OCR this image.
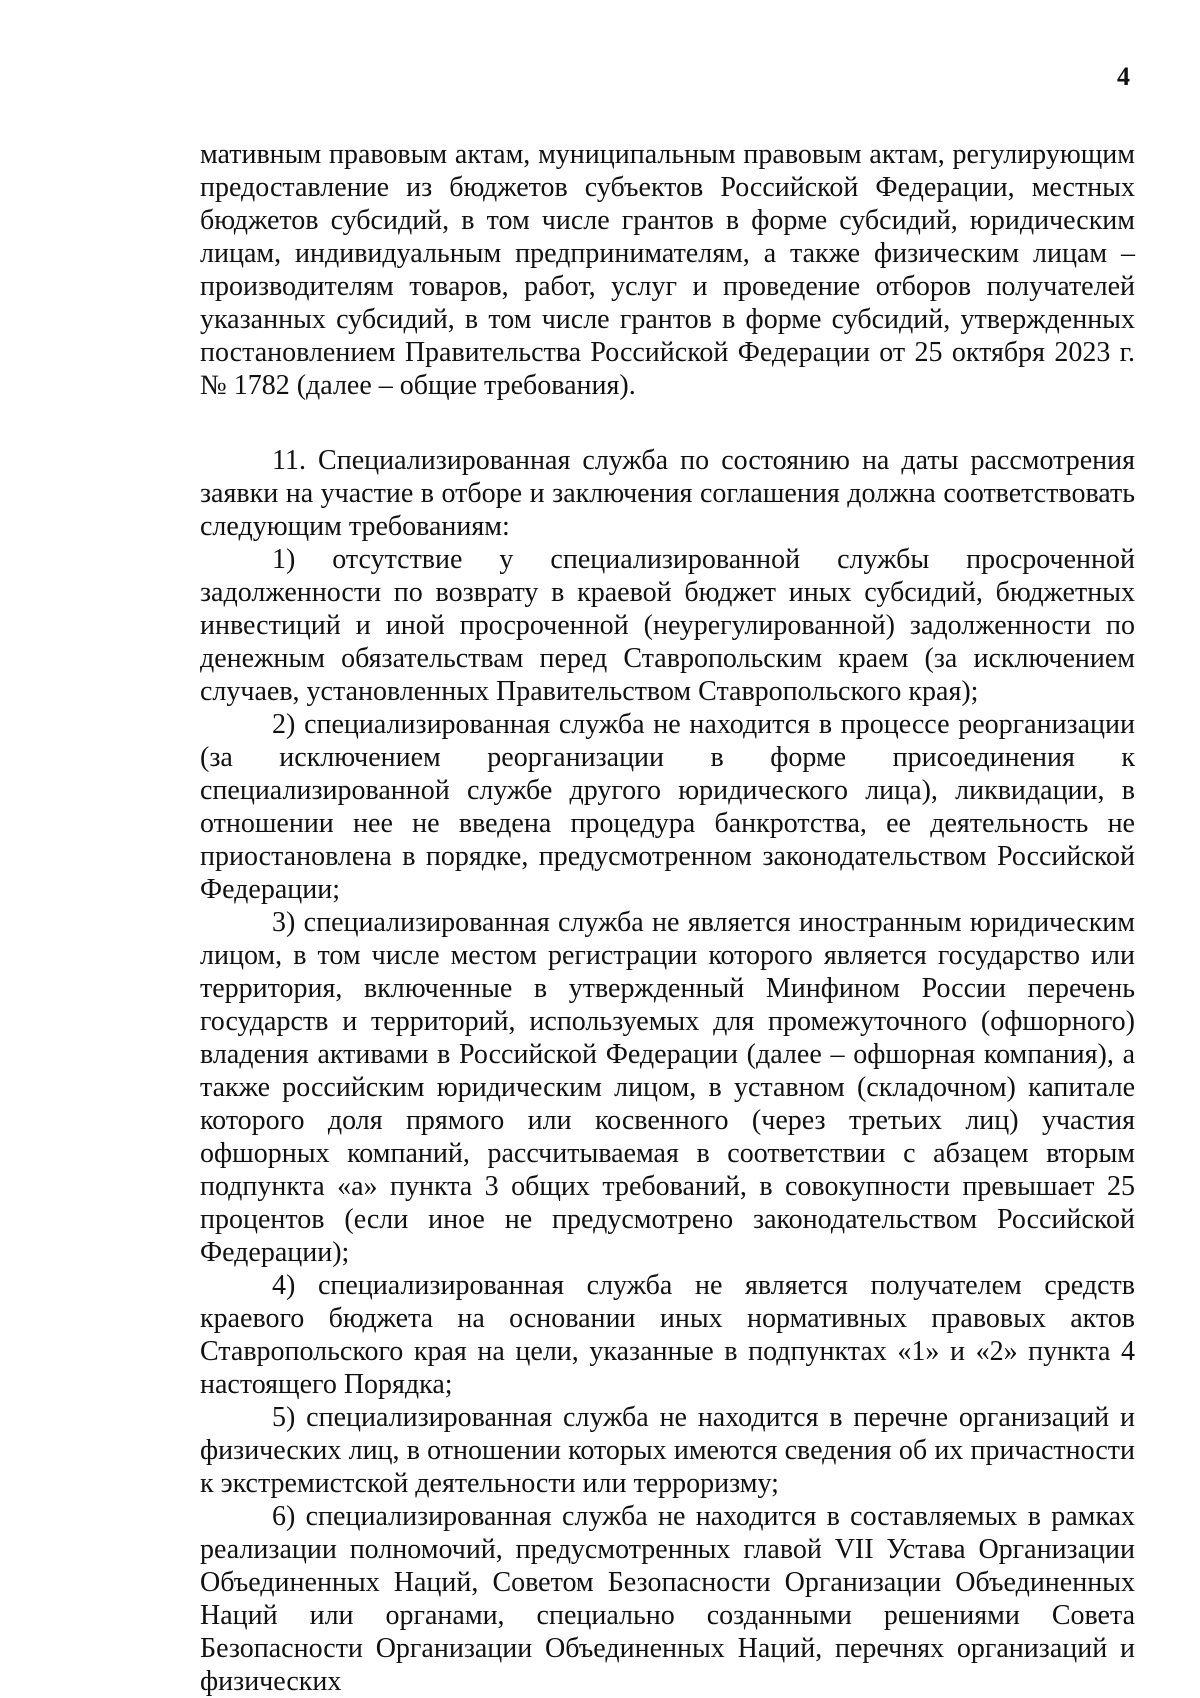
4

мативным правовым актам, муниципальным правовым актам, регулирующим предоставление из бюджетов субъектов Российской Федерации, местных бюджетов субсидий, в том числе грантов в форме субсидий, юридическим лицам, индивидуальным предпринимателям, а также физическим лицам – производителям товаров, работ, услуг и проведение отборов получателей указанных субсидий, в том числе грантов в форме субсидий, утвержденных постановлением Правительства Российской Федерации от 25 октября 2023 г. № 1782 (далее – общие требования).

11. Специализированная служба по состоянию на даты рассмотрения заявки на участие в отборе и заключения соглашения должна соответствовать следующим требованиям:

1) отсутствие у специализированной службы просроченной задолженности по возврату в краевой бюджет иных субсидий, бюджетных инвестиций и иной просроченной (неурегулированной) задолженности по денежным обязательствам перед Ставропольским краем (за исключением случаев, установленных Правительством Ставропольского края);

2) специализированная служба не находится в процессе реорганизации (за исключением реорганизации в форме присоединения к специализированной службе другого юридического лица), ликвидации, в отношении нее не введена процедура банкротства, ее деятельность не приостановлена в порядке, предусмотренном законодательством Российской Федерации;

3) специализированная служба не является иностранным юридическим лицом, в том числе местом регистрации которого является государство или территория, включенные в утвержденный Минфином России перечень государств и территорий, используемых для промежуточного (офшорного) владения активами в Российской Федерации (далее – офшорная компания), а также российским юридическим лицом, в уставном (складочном) капитале которого доля прямого или косвенного (через третьих лиц) участия офшорных компаний, рассчитываемая в соответствии с абзацем вторым подпункта «а» пункта 3 общих требований, в совокупности превышает 25 процентов (если иное не предусмотрено законодательством Российской Федерации);

4) специализированная служба не является получателем средств краевого бюджета на основании иных нормативных правовых актов Ставропольского края на цели, указанные в подпунктах «1» и «2» пункта 4 настоящего Порядка;

5) специализированная служба не находится в перечне организаций и физических лиц, в отношении которых имеются сведения об их причастности к экстремистской деятельности или терроризму;

6) специализированная служба не находится в составляемых в рамках реализации полномочий, предусмотренных главой VII Устава Организации Объединенных Наций, Советом Безопасности Организации Объединенных Наций или органами, специально созданными решениями Совета Безопасности Организации Объединенных Наций, перечнях организаций и физических
